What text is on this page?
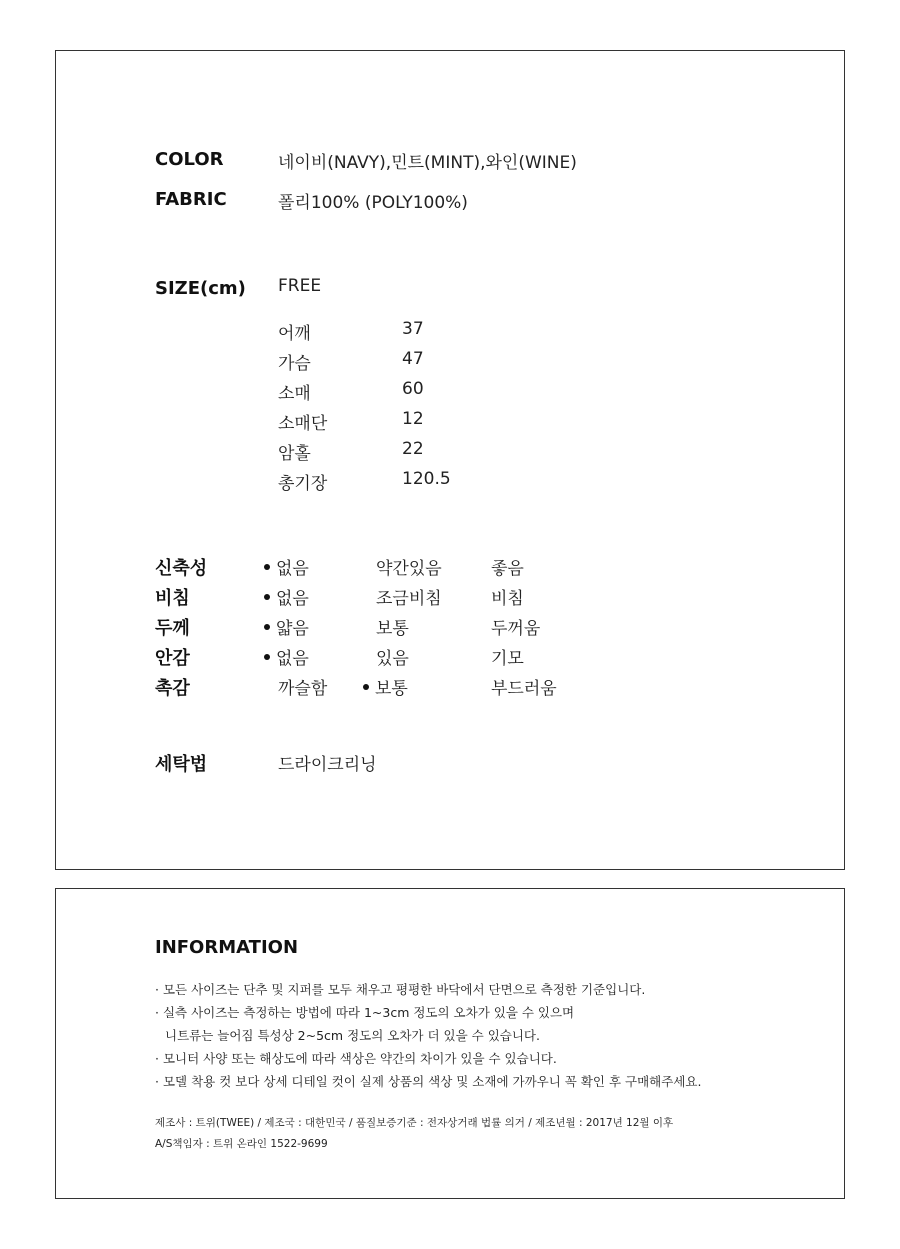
COLOR	네이비(NAVY),민트(MINT),와인(WINE)
FABRIC	폴리100% (POLY100%)
SIZE(cm) FREE
어깨	37
가슴	47
소매	60
소매단	12
암홀	22
총기장	120.5
신축성	없음	약간있음	좋음
비침	없음	조금비침	비침
두께	얇음	보통	두꺼움
안감	없음	있음	기모
촉감	까슬함	보통	부드러움
세탁법	드라이크리닝
INFORMATION
· 모든 사이즈는 단추 및 지퍼를 모두 채우고 평평한 바닥에서 단면으로 측정한 기준입니다.
· 실측 사이즈는 측정하는 방법에 따라 1~3cm 정도의 오차가 있을 수 있으며
니트류는 늘어짐 특성상 2~5cm 정도의 오차가 더 있을 수 있습니다.
· 모니터 사양 또는 해상도에 따라 색상은 약간의 차이가 있을 수 있습니다.
· 모델 착용 컷 보다 상세 디테일 컷이 실제 상품의 색상 및 소재에 가까우니 꼭 확인 후 구매해주세요.
제조사 : 트위(TWEE) / 제조국 : 대한민국 / 품질보증기준 : 전자상거래 법률 의거 / 제조년월 : 2017년 12월 이후
A/S책임자 : 트위 온라인 1522-9699
